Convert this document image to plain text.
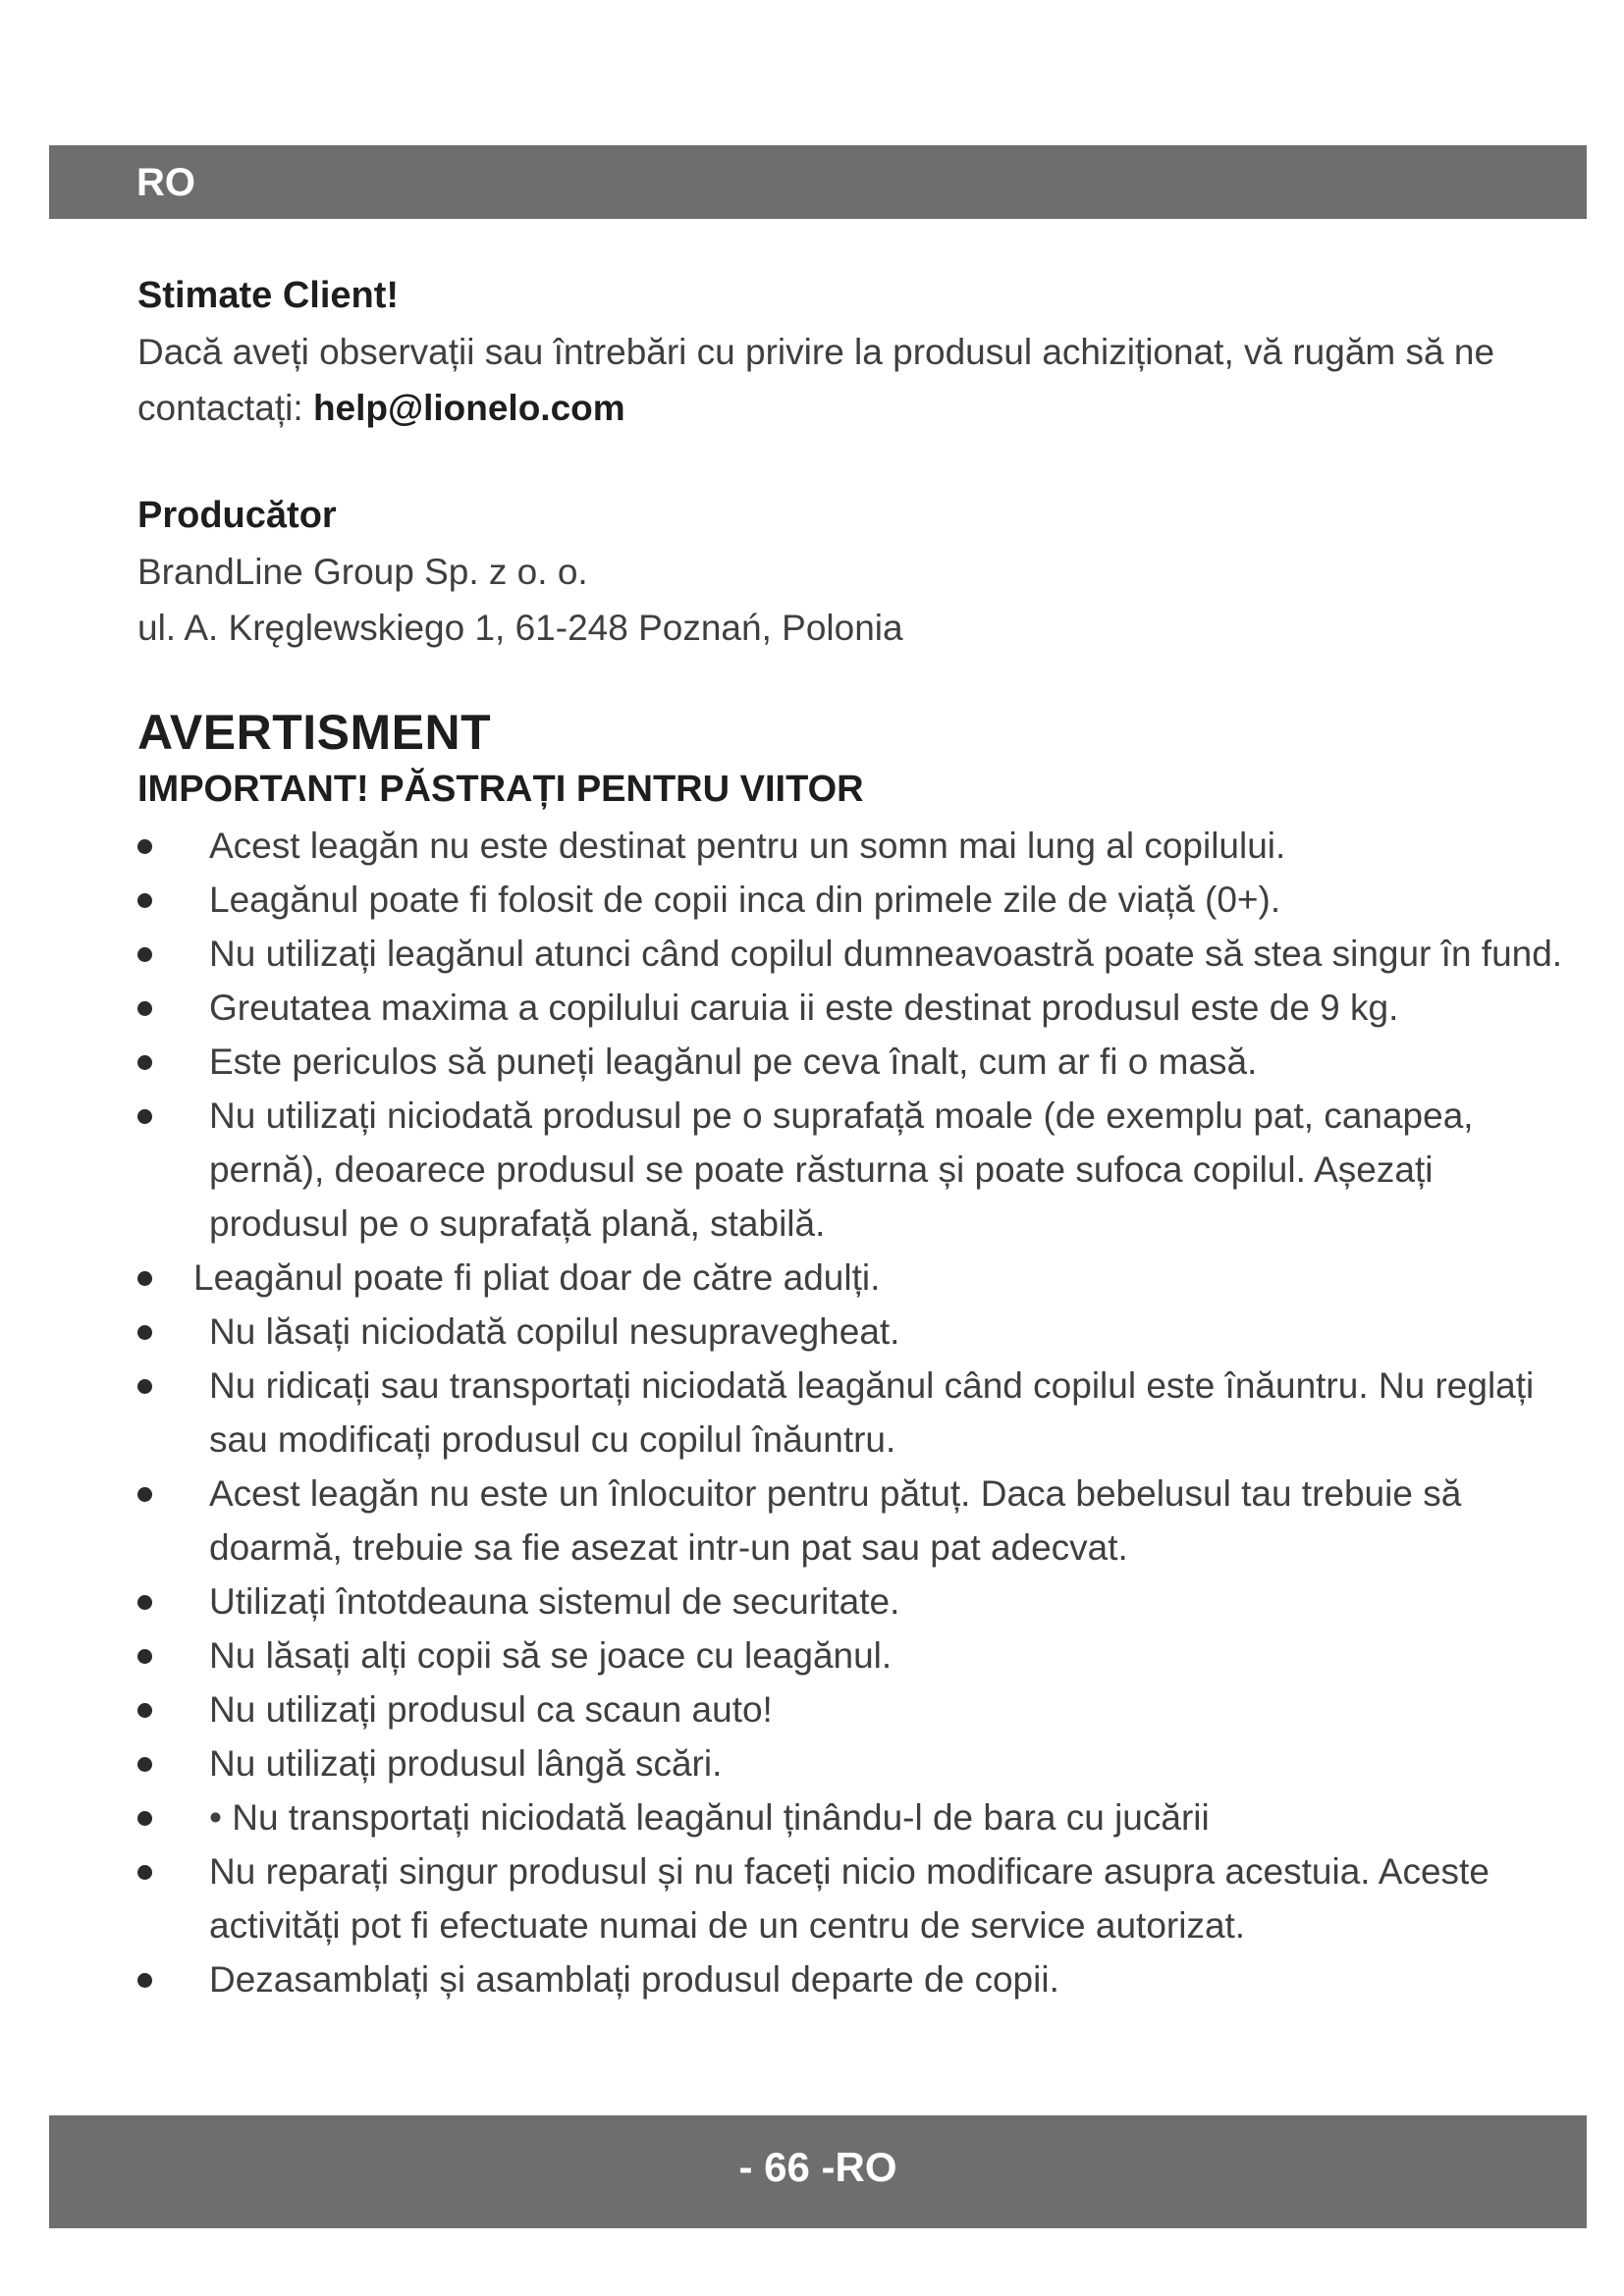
RO

Stimate Client!

Dacă aveți observații sau întrebări cu privire la produsul achiziționat, vă rugăm să ne contactați: help@lionelo.com

Producător

BrandLine Group Sp. z o. o.

ul. A. Kręglewskiego 1, 61-248 Poznań, Polonia

AVERTISMENT

IMPORTANT! PĂSTRAȚI PENTRU VIITOR

Acest leagăn nu este destinat pentru un somn mai lung al copilului.
Leagănul poate fi folosit de copii inca din primele zile de viață (0+).
Nu utilizați leagănul atunci când copilul dumneavoastră poate să stea singur în fund.
Greutatea maxima a copilului caruia ii este destinat produsul este de 9 kg.
Este periculos să puneți leagănul pe ceva înalt, cum ar fi o masă.
Nu utilizați niciodată produsul pe o suprafață moale (de exemplu pat, canapea, pernă), deoarece produsul se poate răsturna și poate sufoca copilul. Așezați produsul pe o suprafață plană, stabilă.
Leagănul poate fi pliat doar de către adulți.
Nu lăsați niciodată copilul nesupravegheat.
Nu ridicați sau transportați niciodată leagănul când copilul este înăuntru. Nu reglați sau modificați produsul cu copilul înăuntru.
Acest leagăn nu este un înlocuitor pentru pătuț. Daca bebelusul tau trebuie să doarmă, trebuie sa fie asezat intr-un pat sau pat adecvat.
Utilizați întotdeauna sistemul de securitate.
Nu lăsați alți copii să se joace cu leagănul.
Nu utilizați produsul ca scaun auto!
Nu utilizați produsul lângă scări.
• Nu transportați niciodată leagănul ținându-l de bara cu jucării
Nu reparați singur produsul și nu faceți nicio modificare asupra acestuia. Aceste activități pot fi efectuate numai de un centru de service autorizat.
Dezasamblați și asamblați produsul departe de copii.
- 66 -RO
